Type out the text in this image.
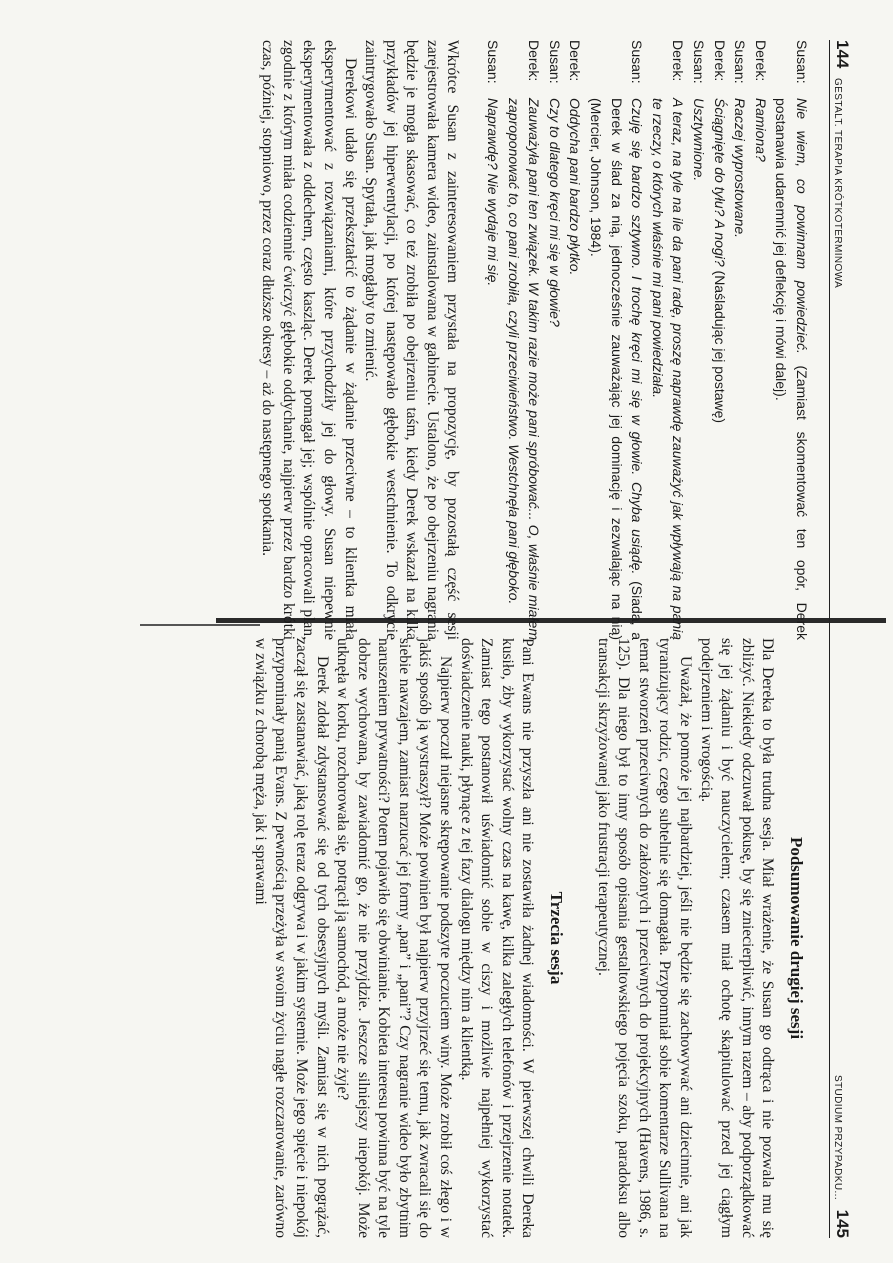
144
GESTALT. TERAPIA KRÓTKOTERMINOWA
Susan:
Nie wiem, co powinnam powiedzieć. (Zamiast skomentować ten opór, Derek postanawia udaremnić jej deflekcję i mówi dalej).
Derek:
Ramiona?
Susan:
Raczej wyprostowane.
Derek:
Ściągnięte do tyłu? A nogi? (Naśladując jej postawę)
Susan:
Usztywnione.
Derek:
A teraz, na tyle na ile da pani radę, proszę naprawdę zauważyć jak wpływają na panią te rzeczy, o których właśnie mi pani powiedziała.
Susan:
Czuję się bardzo sztywno. I trochę kręci mi się w głowie. Chyba usiądę. (Siada, a Derek w ślad za nią, jednocześnie zauważając jej dominację i zezwalając na nią) (Mercier, Johnson, 1984).
Derek:
Oddycha pani bardzo płytko.
Susan:
Czy to dlatego kręci mi się w głowie?
Derek:
Zauważyła pani ten związek. W takim razie może pani spróbować... O, właśnie miałem zaproponować to, co pani zrobiła, czyli przeciwieństwo. Westchnęła pani głęboko.
Susan:
Naprawdę? Nie wydaje mi się.

Wkrótce Susan z zainteresowaniem przystała na propozycję, by pozostałą część sesji zarejestrowała kamera wideo, zainstalowana w gabinecie. Ustalono, że po obejrzeniu nagrania będzie je mogła skasować, co też zrobiła po obejrzeniu taśm, kiedy Derek wskazał na kilka przykładów jej hiperwentylacji, po której następowało głębokie westchnienie. To odkrycie zaintrygowało Susan. Spytała, jak mogłaby to zmienić.

Derekowi udało się przekształcić to żądanie w żądanie przeciwne – to klientka miała eksperymentować z rozwiązaniami, które przychodziły jej do głowy. Susan niepewnie eksperymentowała z oddechem, często kaszląc. Derek pomagał jej; wspólnie opracowali plan, zgodnie z którym miała codziennie ćwiczyć głębokie oddychanie, najpierw przez bardzo krótki czas, później, stopniowo, przez coraz dłuższe okresy – aż do następnego spotkania.

STUDIUM PRZYPADKU...
145
Podsumowanie drugiej sesji

Dla Dereka to była trudna sesja. Miał wrażenie, że Susan go odtrąca i nie pozwala mu się zbliżyć. Niekiedy odczuwał pokusę, by się zniecierpliwić, innym razem – aby podporządkować się jej żądaniu i być nauczycielem; czasem miał ochotę skapitulować przed jej ciągłym podejrzeniem i wrogością.

Uważał, że pomoże jej najbardziej, jeśli nie będzie się zachowywać ani dziecinnie, ani jak tyranizujący rodzic, czego subtelnie się domagała. Przypomniał sobie komentarze Sullivana na temat stworzeń przeciwnych do założonych i przeciwnych do projekcyjnych (Havens, 1986, s. 125). Dla niego był to inny sposób opisania gestaltowskiego pojęcia szoku, paradoksu albo transakcji skrzyżowanej jako frustracji terapeutycznej.

Trzecia sesja

Pani Ewans nie przyszła ani nie zostawiła żadnej wiadomości. W pierwszej chwili Dereka kusiło, żby wykorzystać wolny czas na kawę, kilka zaległych telefonów i przejrzenie notatek. Zamiast tego postanowił uświadomić sobie w ciszy i możliwie najpełniej wykorzystać doświadczenie nauki, płynące z tej fazy dialogu między nim a klientką.

Najpierw poczuł niejasne skrępowanie podszyte poczuciem winy. Może zrobił coś złego i w jakiś sposób ją wystraszył? Może powinien był najpierw przyjrzeć się temu, jak zwracali się do siebie nawzajem, zamiast narzucać jej formy „pan” i „pani”? Czy nagranie wideo było zbytnim naruszeniem prywatności? Potem pojawiło się obwinianie. Kobieta interesu powinna być na tyle dobrze wychowana, by zawiadomić go, że nie przyjdzie. Jeszcze silniejszy niepokój. Może utknęła w korku, rozchorowała się, potrącił ją samochód, a może nie żyje?

Derek zdołał zdystansować się od tych obsesyjnych myśli. Zamiast się w nich pogrążać, zaczął się zastanawiać, jaką rolę teraz odgrywa i w jakim systemie. Może jego spięcie i niepokój przypominały panią Evans. Z pewnością przeżyła w swoim życiu nagłe rozczarowanie, zarówno w związku z chorobą męża, jak i sprawami
